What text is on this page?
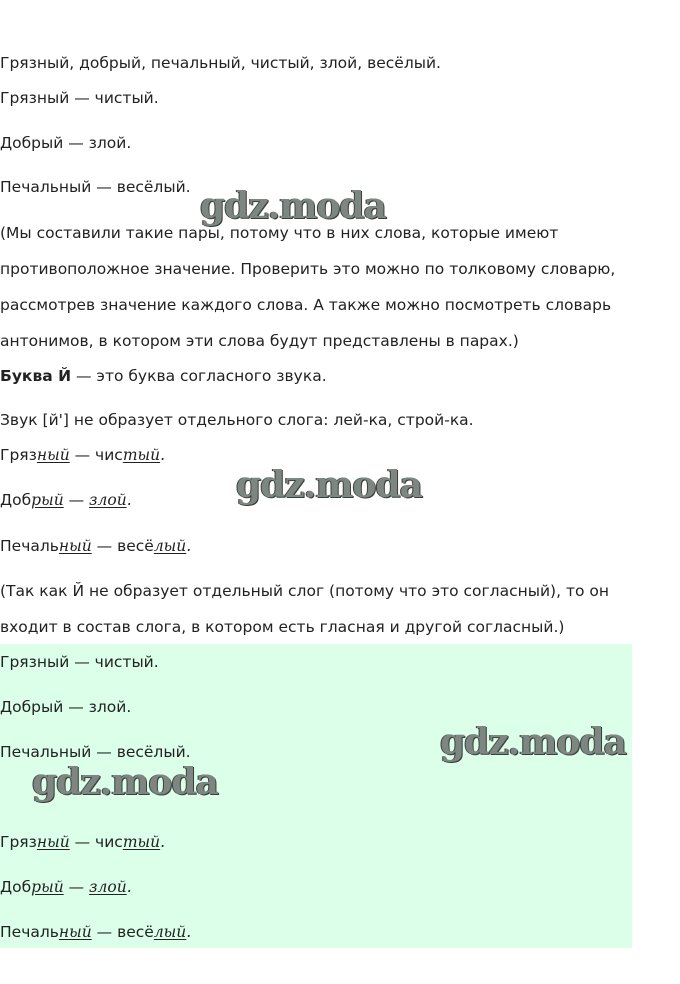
Грязный, добрый, печальный, чистый, злой, весёлый.
Грязный — чистый.
Добрый — злой.
Печальный — весёлый.
(Мы составили такие пары, потому что в них слова, которые имеют
противоположное значение. Проверить это можно по толковому словарю,
рассмотрев значение каждого слова. А также можно посмотреть словарь
антонимов, в котором эти слова будут представлены в парах.)
Буква Й — это буква согласного звука.
Звук [й'] не образует отдельного слога: лей-ка, строй-ка.
Грязный — чистый.
Добрый — злой.
Печальный — весёлый.
(Так как Й не образует отдельный слог (потому что это согласный), то он
входит в состав слога, в котором есть гласная и другой согласный.)
Грязный — чистый.
Добрый — злой.
Печальный — весёлый.
Грязный — чистый.
Добрый — злой.
Печальный — весёлый.
gdz.moda
gdz.moda
gdz.moda
gdz.moda
